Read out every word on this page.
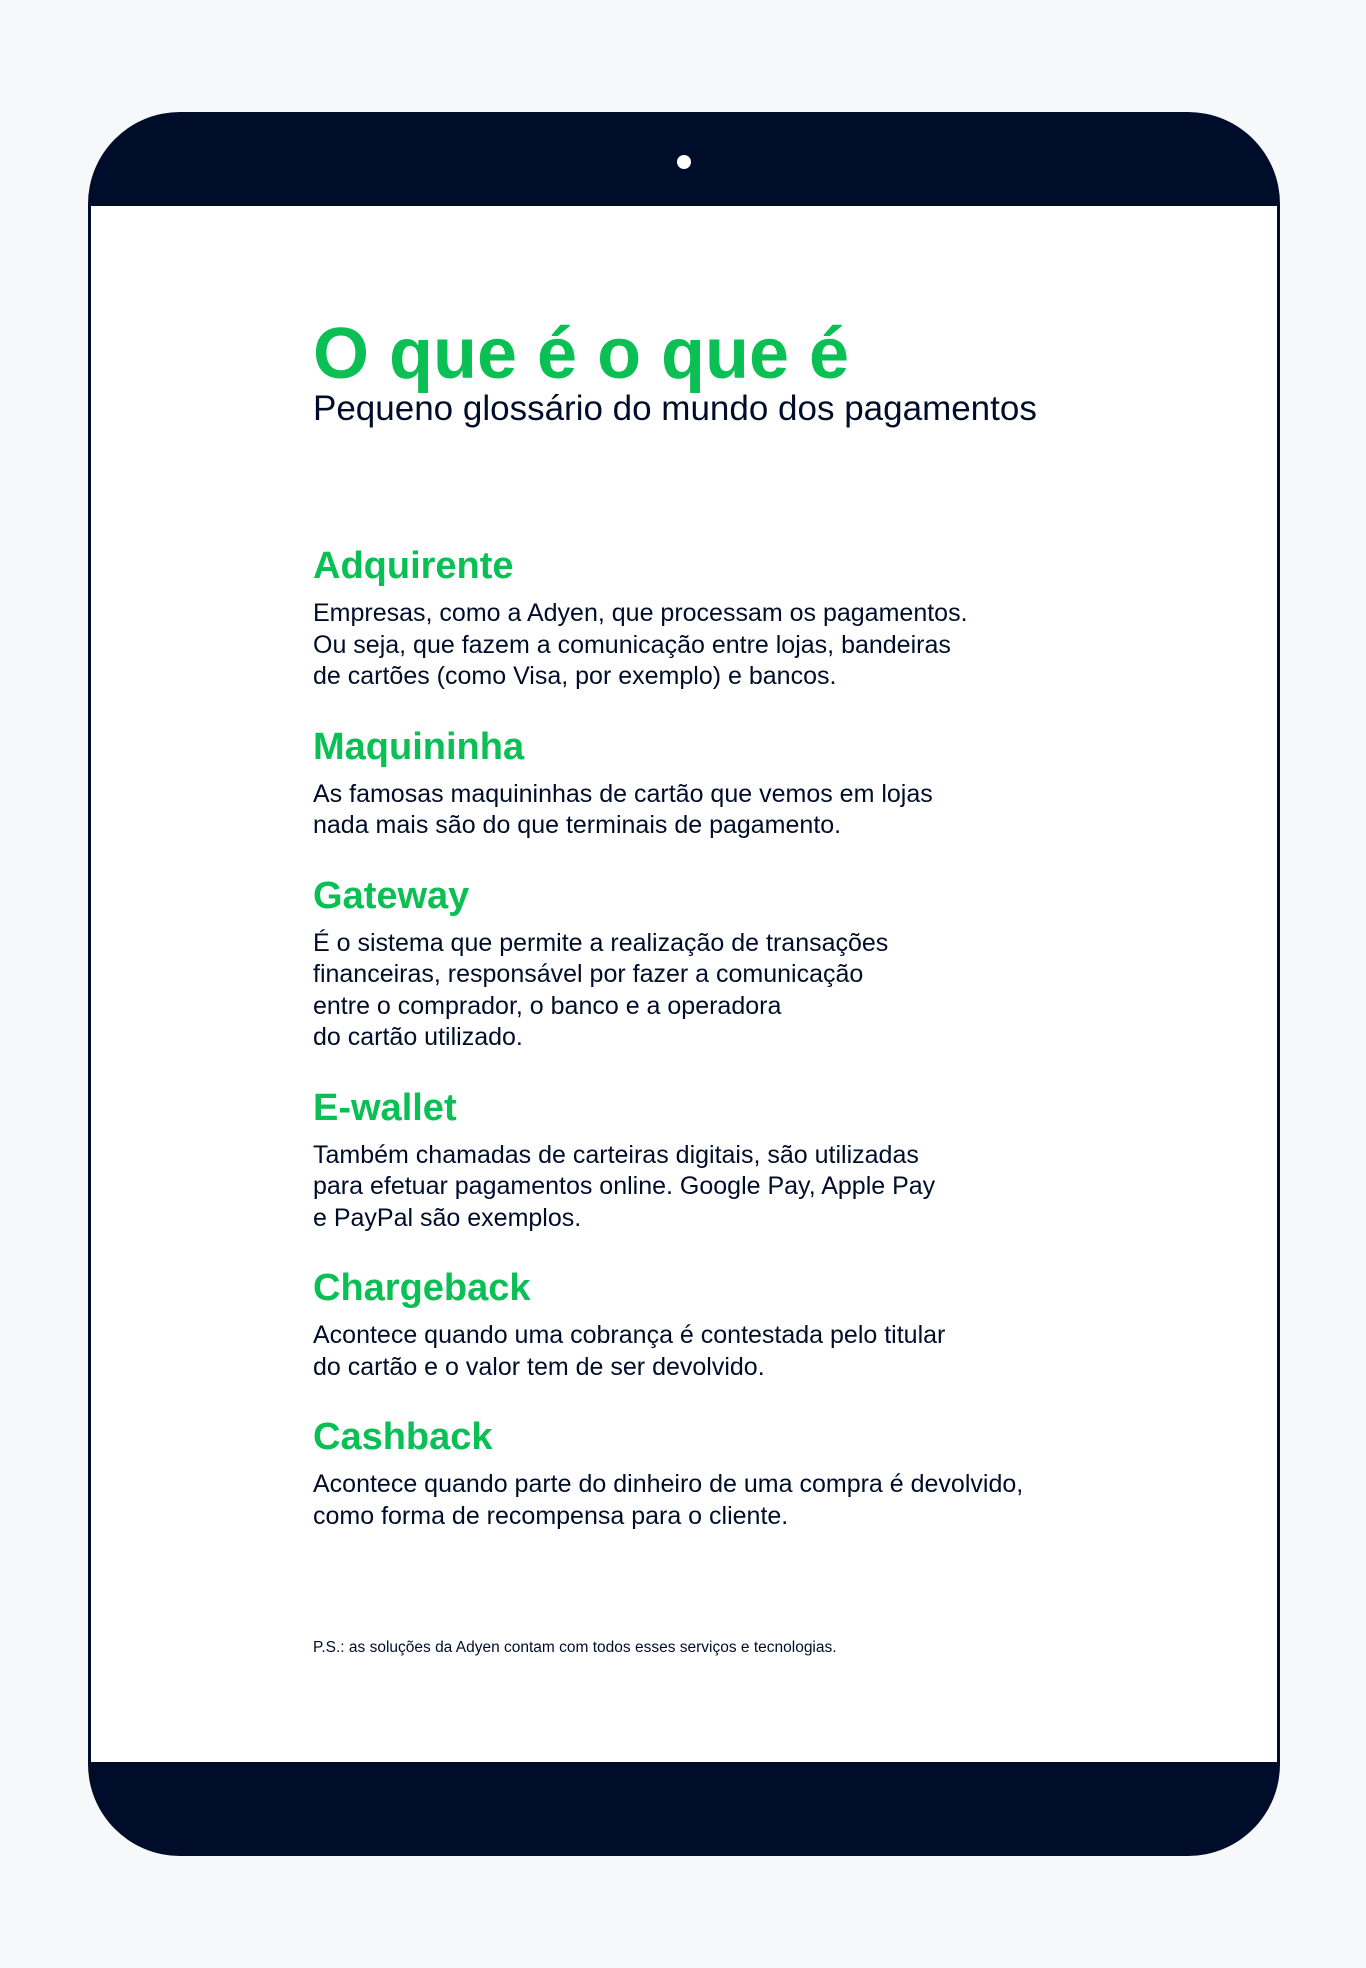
O que é o que é
Pequeno glossário do mundo dos pagamentos
Adquirente

Empresas, como a Adyen, que processam os pagamentos.
Ou seja, que fazem a comunicação entre lojas, bandeiras
de cartões (como Visa, por exemplo) e bancos.

Maquininha

As famosas maquininhas de cartão que vemos em lojas
nada mais são do que terminais de pagamento.

Gateway

É o sistema que permite a realização de transações
financeiras, responsável por fazer a comunicação
entre o comprador, o banco e a operadora
do cartão utilizado.

E-wallet

Também chamadas de carteiras digitais, são utilizadas
para efetuar pagamentos online. Google Pay, Apple Pay
e PayPal são exemplos.

Chargeback

Acontece quando uma cobrança é contestada pelo titular
do cartão e o valor tem de ser devolvido.

Cashback

Acontece quando parte do dinheiro de uma compra é devolvido,
como forma de recompensa para o cliente.

P.S.: as soluções da Adyen contam com todos esses serviços e tecnologias.
